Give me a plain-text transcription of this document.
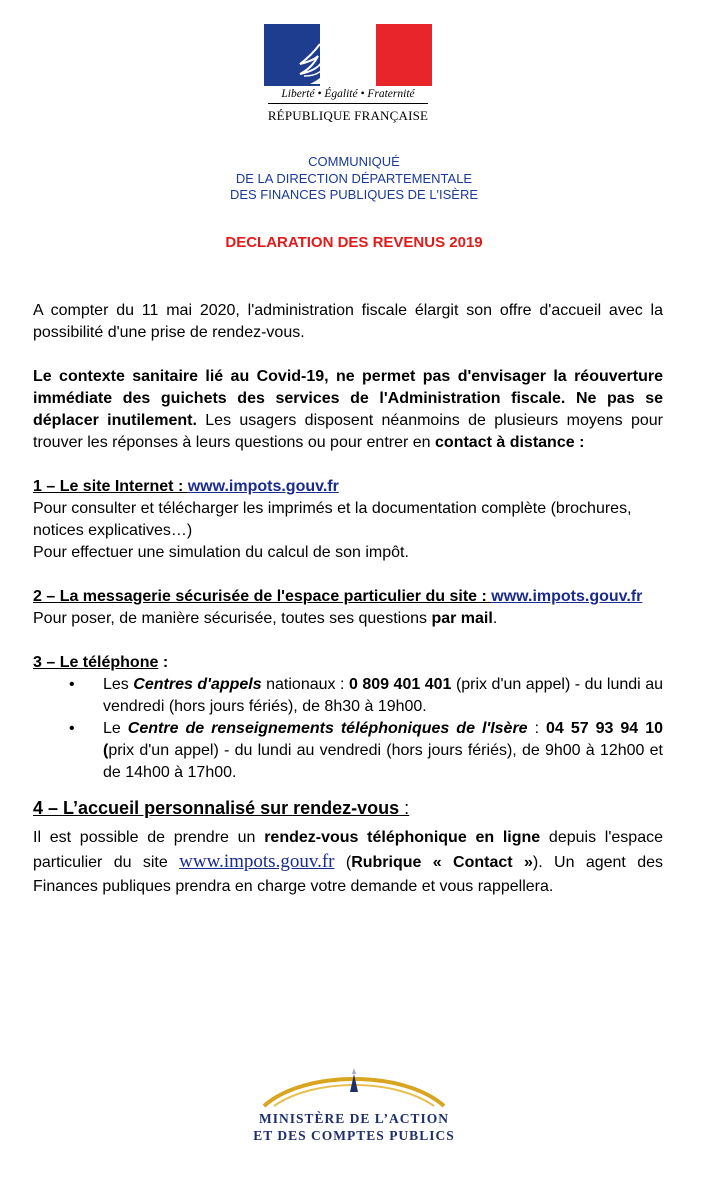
Liberté • Égalité • Fraternité
RÉPUBLIQUE FRANÇAISE
COMMUNIQUÉ
DE LA DIRECTION DÉPARTEMENTALE
DES FINANCES PUBLIQUES DE L'ISÈRE
DECLARATION DES REVENUS 2019

A compter du 11 mai 2020, l'administration fiscale élargit son offre d'accueil avec la possibilité d'une prise de rendez-vous.

Le contexte sanitaire lié au Covid-19, ne permet pas d'envisager la réouverture immédiate des guichets des services de l'Administration fiscale. Ne pas se déplacer inutilement. Les usagers disposent néanmoins de plusieurs moyens pour trouver les réponses à leurs questions ou pour entrer en contact à distance :

1 – Le site Internet : www.impots.gouv.fr

Pour consulter et télécharger les imprimés et la documentation complète (brochures, notices explicatives…)

Pour effectuer une simulation du calcul de son impôt.

2 – La messagerie sécurisée de l'espace particulier du site : www.impots.gouv.fr

Pour poser, de manière sécurisée, toutes ses questions par mail.

3 – Le téléphone :

• Les Centres d'appels nationaux : 0 809 401 401 (prix d'un appel) - du lundi au vendredi (hors jours fériés), de 8h30 à 19h00.
• Le Centre de renseignements téléphoniques de l'Isère : 04 57 93 94 10 (prix d'un appel) - du lundi au vendredi (hors jours fériés), de 9h00 à 12h00 et de 14h00 à 17h00.
4 – L’accueil personnalisé sur rendez-vous :

Il est possible de prendre un rendez-vous téléphonique en ligne depuis l'espace particulier du site www.impots.gouv.fr (Rubrique « Contact »). Un agent des Finances publiques prendra en charge votre demande et vous rappellera.

MINISTÈRE DE L’ACTION
ET DES COMPTES PUBLICS
